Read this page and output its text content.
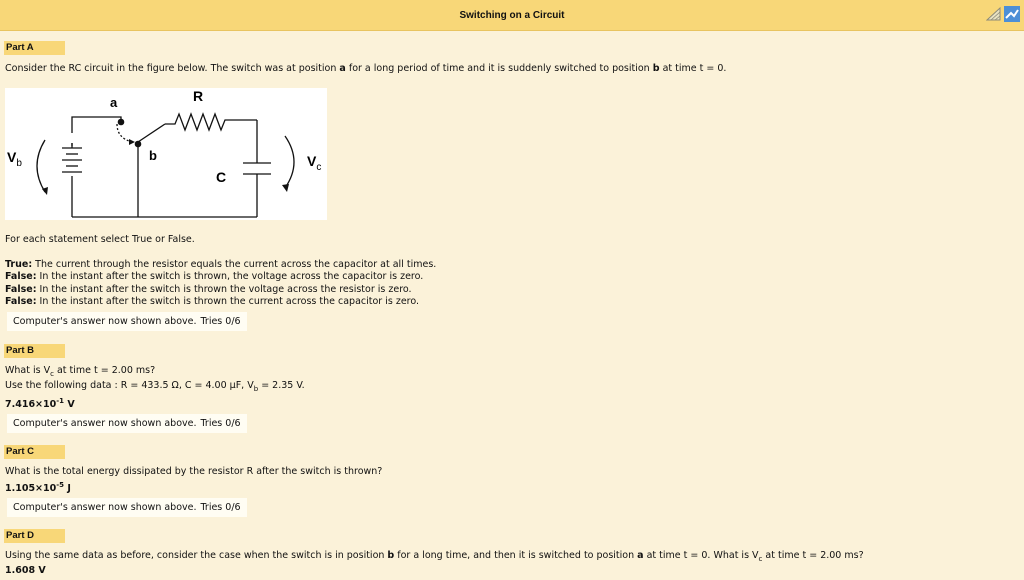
Switching on a Circuit
Part A
Consider the RC circuit in the figure below. The switch was at position a for a long period of time and it is suddenly switched to position b at time t = 0.
a
b
R
C
$V_b$	$V_c$
For each statement select True or False.
True: The current through the resistor equals the current across the capacitor at all times.
False: In the instant after the switch is thrown, the voltage across the capacitor is zero.
False: In the instant after the switch is thrown the voltage across the resistor is zero.
False: In the instant after the switch is thrown the current across the capacitor is zero.
Computer's answer now shown above. Tries 0/6
Part B
What is $V_c$ at time t = 2.00 ms?
Use the following data : R = 433.5 Ω, C = 4.00 μF, $V_b = 2.35$ V.
$7.416\times 10^{-1}$ V
Computer's answer now shown above. Tries 0/6
Part C
What is the total energy dissipated by the resistor R after the switch is thrown?
$1.105\times 10^{-5}$ J
Computer's answer now shown above. Tries 0/6
Part D
Using the same data as before, consider the case when the switch is in position b for a long time, and then it is switched to position a at time t = 0. What is $V_c$ at time t = 2.00 ms?
1.608 V
